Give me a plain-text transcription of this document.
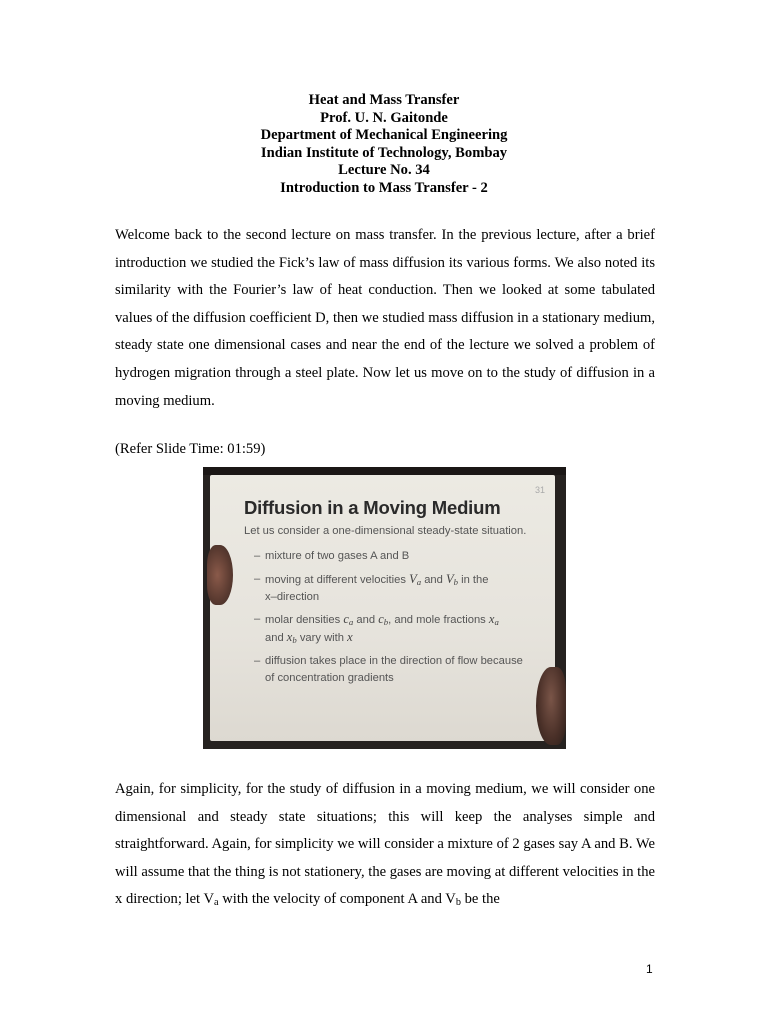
Heat and Mass Transfer
Prof. U. N. Gaitonde
Department of Mechanical Engineering
Indian Institute of Technology, Bombay
Lecture No. 34
Introduction to Mass Transfer - 2

Welcome back to the second lecture on mass transfer. In the previous lecture, after a brief introduction we studied the Fick’s law of mass diffusion its various forms. We also noted its similarity with the Fourier’s law of heat conduction. Then we looked at some tabulated values of the diffusion coefficient D, then we studied mass diffusion in a stationary medium, steady state one dimensional cases and near the end of the lecture we solved a problem of hydrogen migration through a steel plate. Now let us move on to the study of diffusion in a moving medium.

(Refer Slide Time: 01:59)
31
Diffusion in a Moving Medium

Let us consider a one-dimensional steady-state situation.

– mixture of two gases A and B
– moving at different velocities $V_a$ and $V_b$ in the
x–direction
– molar densities $c_a$ and $c_b$, and mole fractions $x_a$
and $x_b$ vary with x
– diffusion takes place in the direction of flow because of concentration gradients

Again, for simplicity, for the study of diffusion in a moving medium, we will consider one dimensional and steady state situations; this will keep the analyses simple and straightforward. Again, for simplicity we will consider a mixture of 2 gases say A and B. We will assume that the thing is not stationery, the gases are moving at different velocities in the x direction; let $V_a$ with the velocity of component A and $V_b$ be the

1
